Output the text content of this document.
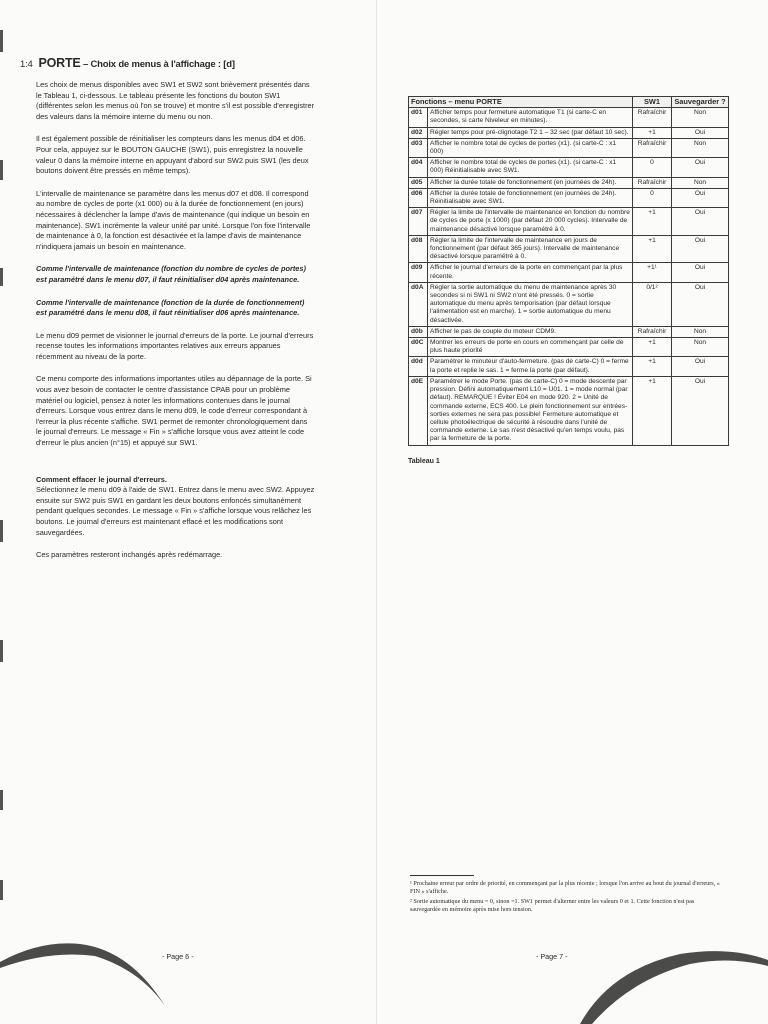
1:4 PORTE – Choix de menus à l'affichage : [d]

Les choix de menus disponibles avec SW1 et SW2 sont brièvement présentés dans le Tableau 1, ci-dessous. Le tableau présente les fonctions du bouton SW1 (différentes selon les menus où l'on se trouve) et montre s'il est possible d'enregistrer des valeurs dans la mémoire interne du menu ou non.

Il est également possible de réinitialiser les compteurs dans les menus d04 et d06. Pour cela, appuyez sur le BOUTON GAUCHE (SW1), puis enregistrez la nouvelle valeur 0 dans la mémoire interne en appuyant d'abord sur SW2 puis SW1 (les deux boutons doivent être pressés en même temps).

L'intervalle de maintenance se paramètre dans les menus d07 et d08. Il correspond au nombre de cycles de porte (x1 000) ou à la durée de fonctionnement (en jours) nécessaires à déclencher la lampe d'avis de maintenance (qui indique un besoin en maintenance). SW1 incrémente la valeur unité par unité. Lorsque l'on fixe l'intervalle de maintenance à 0, la fonction est désactivée et la lampe d'avis de maintenance n'indiquera jamais un besoin en maintenance.

Comme l'intervalle de maintenance (fonction du nombre de cycles de portes) est paramétré dans le menu d07, il faut réinitialiser d04 après maintenance.

Comme l'intervalle de maintenance (fonction de la durée de fonctionnement) est paramétré dans le menu d08, il faut réinitialiser d06 après maintenance.

Le menu d09 permet de visionner le journal d'erreurs de la porte. Le journal d'erreurs recense toutes les informations importantes relatives aux erreurs apparues récemment au niveau de la porte.

Ce menu comporte des informations importantes utiles au dépannage de la porte. Si vous avez besoin de contacter le centre d'assistance CPAB pour un problème matériel ou logiciel, pensez à noter les informations contenues dans le journal d'erreurs. Lorsque vous entrez dans le menu d09, le code d'erreur correspondant à l'erreur la plus récente s'affiche. SW1 permet de remonter chronologiquement dans le journal d'erreurs. Le message « Fin » s'affiche lorsque vous avez atteint le code d'erreur le plus ancien (n°15) et appuyé sur SW1.

Comment effacer le journal d'erreurs.

Sélectionnez le menu d09 à l'aide de SW1. Entrez dans le menu avec SW2. Appuyez ensuite sur SW2 puis SW1 en gardant les deux boutons enfoncés simultanément pendant quelques secondes. Le message « Fin » s'affiche lorsque vous relâchez les boutons. Le journal d'erreurs est maintenant effacé et les modifications sont sauvegardées.

Ces paramètres resteront inchangés après redémarrage.

- Page 6 -
Fonctions – menu PORTE		SW1	Sauvegarder ?
d01	Afficher temps pour fermeture automatique T1 (si carte-C en secondes, si carte Niveleur en minutes).	Rafraîchir	Non
d02	Régler temps pour pré-clignotage T2 1 – 32 sec (par défaut 10 sec).	+1	Oui
d03	Afficher le nombre total de cycles de portes (x1). (si carte-C : x1 000)	Rafraîchir	Non
d04	Afficher le nombre total de cycles de portes (x1). (si carte-C : x1 000) Réinitialisable avec SW1.	0	Oui
d05	Afficher la durée totale de fonctionnement (en journées de 24h).	Rafraîchir	Non
d06	Afficher la durée totale de fonctionnement (en journées de 24h). Réinitialisable avec SW1.	0	Oui
d07	Régler la limite de l'intervalle de maintenance en fonction du nombre de cycles de porte (x 1000) (par défaut 20 000 cycles). Intervalle de maintenance désactivé lorsque paramétré à 0.	+1	Oui
d08	Régler la limite de l'intervalle de maintenance en jours de fonctionnement (par défaut 365 jours). Intervalle de maintenance désactivé lorsque paramétré à 0.	+1	Oui
d09	Afficher le journal d'erreurs de la porte en commençant par la plus récente.	+1¹	Oui
d0A	Régler la sortie automatique du menu de maintenance après 30 secondes si ni SW1 ni SW2 n'ont été pressés. 0 = sortie automatique du menu après temporisation (par défaut lorsque l'alimentation est en marche). 1 = sortie automatique du menu désactivée.	0/1²	Oui
d0b	Afficher le pas de couple du moteur CDM9.	Rafraîchir	Non
d0C	Montrer les erreurs de porte en cours en commençant par celle de plus haute priorité	+1	Non
d0d	Paramétrer le minuteur d'auto-fermeture. (pas de carte-C) 0 = ferme la porte et replie le sas. 1 = ferme la porte (par défaut).	+1	Oui
d0E	Paramétrer le mode Porte. (pas de carte-C) 0 = mode descente par pression. Défini automatiquement L10 = U01. 1 = mode normal (par défaut). REMARQUE ! Éviter E04 en mode 920. 2 = Unité de commande externe, ECS 400. Le plein fonctionnement sur entrées-sorties externes ne sera pas possible! Fermeture automatique et cellule photoélectrique de sécurité à résoudre dans l'unité de commande externe. Le sas n'est désactivé qu'en temps voulu, pas par la fermeture de la porte.	+1	Oui
Tableau 1

¹ Prochaine erreur par ordre de priorité, en commençant par la plus récente ; lorsque l'on arrive au bout du journal d'erreurs, « FIN » s'affiche.

² Sortie automatique du menu = 0, sinon =1. SW1 permet d'alterner entre les valeurs 0 et 1. Cette fonction n'est pas sauvegardée en mémoire après mise hors tension.

- Page 7 -
